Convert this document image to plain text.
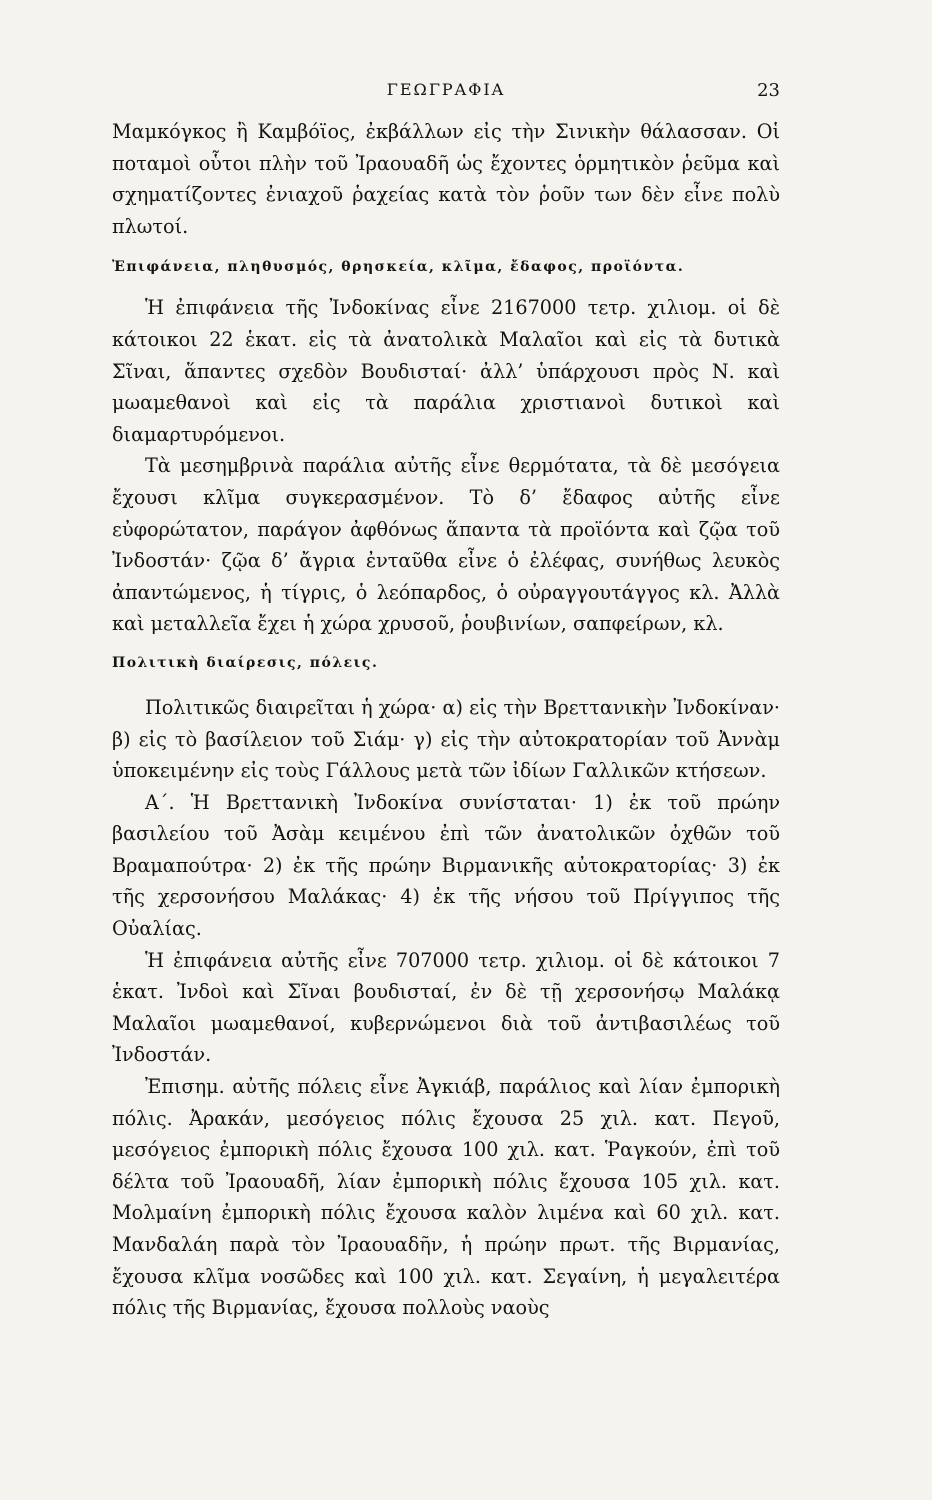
ΓΕΩΓΡΑΦΙΑ	23

Μαμκόγκος ἢ Καμβόϊος, ἐκβάλλων εἰς τὴν Σινικὴν θάλασσαν. Οἱ ποταμοὶ οὗτοι πλὴν τοῦ Ἰραουαδῆ ὡς ἔχοντες ὁρμητικὸν ῥεῦμα καὶ σχηματίζοντες ἐνιαχοῦ ῥαχείας κατὰ τὸν ῥοῦν των δὲν εἶνε πολὺ πλωτοί.

Ἐπιφάνεια, πληθυσμός, θρησκεία, κλῖμα, ἔδαφος, προϊόντα.

Ἡ ἐπιφάνεια τῆς Ἰνδοκίνας εἶνε 2167000 τετρ. χιλιομ. οἱ δὲ κάτοικοι 22 ἑκατ. εἰς τὰ ἀνατολικὰ Μαλαῖοι καὶ εἰς τὰ δυτικὰ Σῖναι, ἅπαντες σχεδὸν Βουδισταί· ἀλλ’ ὑπάρχουσι πρὸς Ν. καὶ μωαμεθανοὶ καὶ εἰς τὰ παράλια χριστιανοὶ δυτικοὶ καὶ διαμαρτυρόμενοι.

Τὰ μεσημβρινὰ παράλια αὐτῆς εἶνε θερμότατα, τὰ δὲ μεσόγεια ἔχουσι κλῖμα συγκερασμένον. Τὸ δ’ ἔδαφος αὐτῆς εἶνε εὐφορώτατον, παράγον ἀφθόνως ἅπαντα τὰ προϊόντα καὶ ζῷα τοῦ Ἰνδοστάν· ζῷα δ’ ἄγρια ἐνταῦθα εἶνε ὁ ἐλέφας, συνήθως λευκὸς ἀπαντώμενος, ἡ τίγρις, ὁ λεόπαρδος, ὁ οὐραγγουτάγγος κλ. Ἀλλὰ καὶ μεταλλεῖα ἔχει ἡ χώρα χρυσοῦ, ῥουβινίων, σαπφείρων, κλ.

Πολιτικὴ διαίρεσις, πόλεις.

Πολιτικῶς διαιρεῖται ἡ χώρα· α) εἰς τὴν Βρεττανικὴν Ἰνδοκίναν· β) εἰς τὸ βασίλειον τοῦ Σιάμ· γ) εἰς τὴν αὐτοκρατορίαν τοῦ Ἀννὰμ ὑποκειμένην εἰς τοὺς Γάλλους μετὰ τῶν ἰδίων Γαλλικῶν κτήσεων.

Α΄. Ἡ Βρεττανικὴ Ἰνδοκίνα συνίσταται· 1) ἐκ τοῦ πρώην βασιλείου τοῦ Ἀσὰμ κειμένου ἐπὶ τῶν ἀνατολικῶν ὀχθῶν τοῦ Βραμαπούτρα· 2) ἐκ τῆς πρώην Βιρμανικῆς αὐτοκρατορίας· 3) ἐκ τῆς χερσονήσου Μαλάκας· 4) ἐκ τῆς νήσου τοῦ Πρίγγιπος τῆς Οὐαλίας.

Ἡ ἐπιφάνεια αὐτῆς εἶνε 707000 τετρ. χιλιομ. οἱ δὲ κάτοικοι 7 ἑκατ. Ἰνδοὶ καὶ Σῖναι βουδισταί, ἐν δὲ τῇ χερσονήσῳ Μαλάκᾳ Μαλαῖοι μωαμεθανοί, κυβερνώμενοι διὰ τοῦ ἀντιβασιλέως τοῦ Ἰνδοστάν.

Ἐπισημ. αὐτῆς πόλεις εἶνε Ἀγκιάβ, παράλιος καὶ λίαν ἐμπορικὴ πόλις. Ἀρακάν, μεσόγειος πόλις ἔχουσα 25 χιλ. κατ. Πεγοῦ, μεσόγειος ἐμπορικὴ πόλις ἔχουσα 100 χιλ. κατ. Ῥαγκούν, ἐπὶ τοῦ δέλτα τοῦ Ἰραουαδῆ, λίαν ἐμπορικὴ πόλις ἔχουσα 105 χιλ. κατ. Μολμαίνη ἐμπορικὴ πόλις ἔχουσα καλὸν λιμένα καὶ 60 χιλ. κατ. Μανδαλάη παρὰ τὸν Ἰραουαδῆν, ἡ πρώην πρωτ. τῆς Βιρμανίας, ἔχουσα κλῖμα νοσῶδες καὶ 100 χιλ. κατ. Σεγαίνη, ἡ μεγαλειτέρα πόλις τῆς Βιρμανίας, ἔχουσα πολλοὺς ναοὺς
